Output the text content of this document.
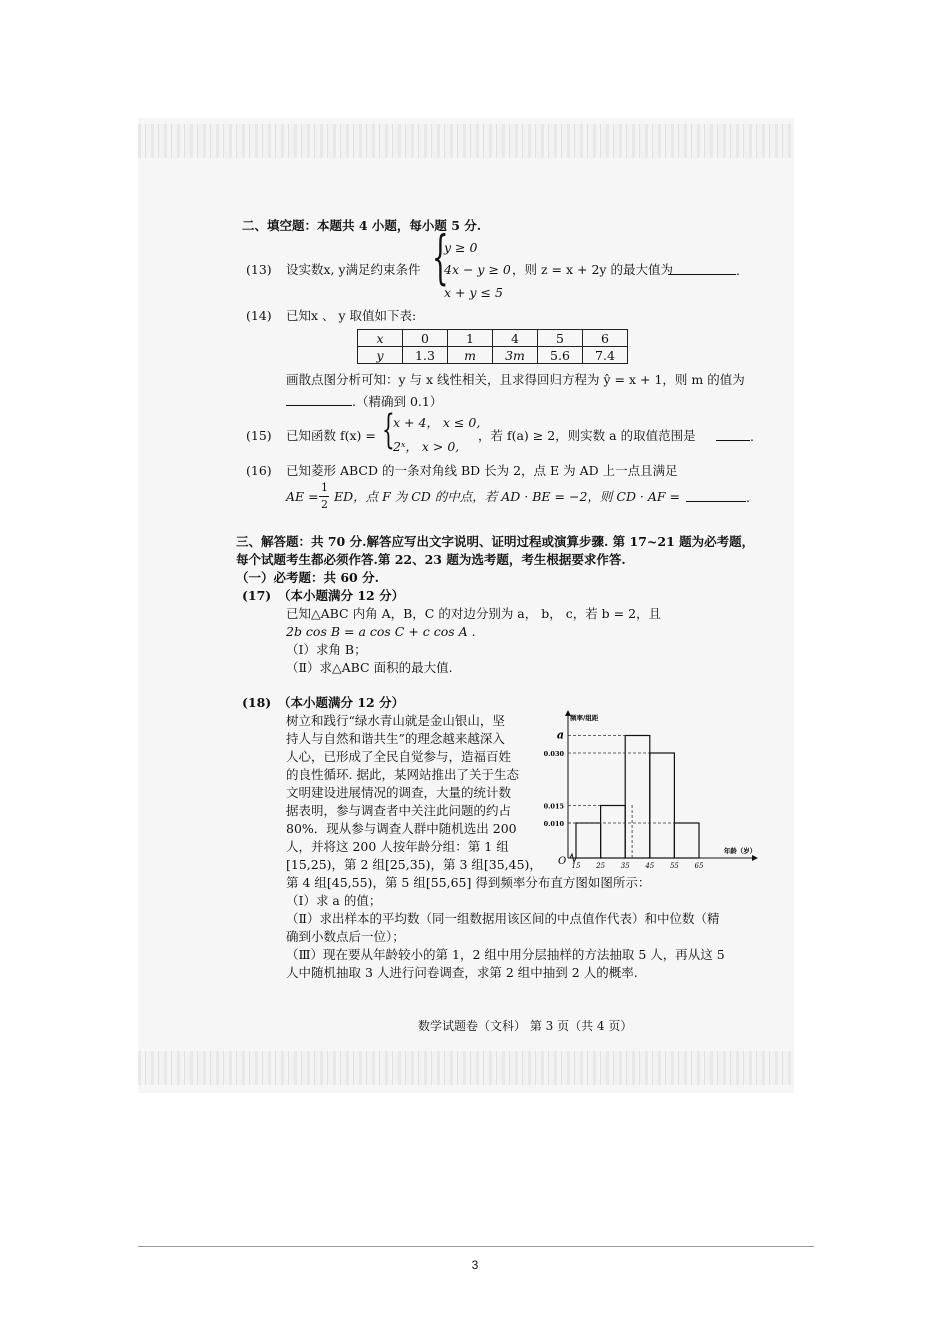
二、填空题：本题共 4 小题，每小题 5 分.
(13) 设实数x, y满足约束条件 {
y ≥ 0
4x − y ≥ 0
x + y ≤ 5
，则 z = x + 2y 的最大值为	.
(14) 已知x 、 y 取值如下表:
x	0	1	4	5	6
y	1.3	m	3m	5.6	7.4
画散点图分析可知：y 与 x 线性相关，且求得回归方程为 ŷ = x + 1，则 m 的值为
.（精确到 0.1）
(15) 已知函数 f(x) = {
x + 4， x ≤ 0,
2ˣ， x > 0,
，若 f(a) ≥ 2，则实数 a 的取值范围是	.
(16) 已知菱形 ABCD 的一条对角线 BD 长为 2，点 E 为 AD 上一点且满足
AE =
1
2
ED，点 F 为 CD 的中点，若 AD · BE = −2，则 CD · AF =	.
三、解答题：共 70 分.解答应写出文字说明、证明过程或演算步骤. 第 17~21 题为必考题，
每个试题考生都必须作答.第 22、23 题为选考题，考生根据要求作答.
（一）必考题：共 60 分.
(17) （本小题满分 12 分）
已知△ABC 内角 A，B，C 的对边分别为 a， b， c，若 b = 2，且
2b cos B = a cos C + c cos A .
（Ⅰ）求角 B；
（Ⅱ）求△ABC 面积的最大值.
(18) （本小题满分 12 分）
树立和践行“绿水青山就是金山银山，坚
持人与自然和谐共生”的理念越来越深入
人心，已形成了全民自觉参与，造福百姓
的良性循环. 据此，某网站推出了关于生态
文明建设进展情况的调查，大量的统计数
据表明，参与调查者中关注此问题的约占
80%．现从参与调查人群中随机选出 200
人，并将这 200 人按年龄分组：第 1 组
[15,25)，第 2 组[25,35)，第 3 组[35,45)，
第 4 组[45,55)，第 5 组[55,65] 得到频率分布直方图如图所示：
（Ⅰ）求 a 的值；
（Ⅱ）求出样本的平均数（同一组数据用该区间的中点值作代表）和中位数（精
确到小数点后一位）；
（Ⅲ）现在要从年龄较小的第 1，2 组中用分层抽样的方法抽取 5 人，再从这 5
人中随机抽取 3 人进行问卷调查，求第 2 组中抽到 2 人的概率.
a
0.030
0.015
0.010
15 25 35 45 55 65
O
频率/组距
年龄（岁）
数学试题卷（文科） 第 3 页（共 4 页）
3
